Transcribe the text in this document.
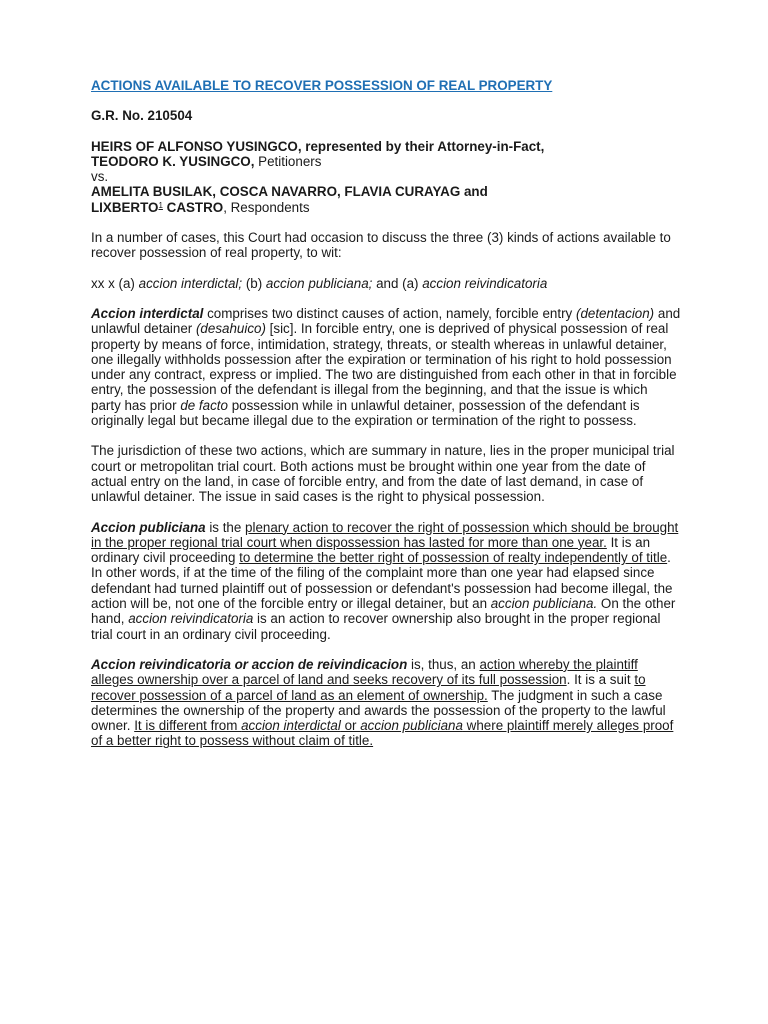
ACTIONS AVAILABLE TO RECOVER POSSESSION OF REAL PROPERTY

G.R. No. 210504

HEIRS OF ALFONSO YUSINGCO, represented by their Attorney-in-Fact,
TEODORO K. YUSINGCO, Petitioners
vs.
AMELITA BUSILAK, COSCA NAVARRO, FLAVIA CURAYAG and
LIXBERTO$^1$ CASTRO, Respondents

In a number of cases, this Court had occasion to discuss the three (3) kinds of actions available to recover possession of real property, to wit:

xx x (a) accion interdictal; (b) accion publiciana; and (a) accion reivindicatoria

Accion interdictal comprises two distinct causes of action, namely, forcible entry (detentacion) and unlawful detainer (desahuico) [sic]. In forcible entry, one is deprived of physical possession of real property by means of force, intimidation, strategy, threats, or stealth whereas in unlawful detainer, one illegally withholds possession after the expiration or termination of his right to hold possession under any contract, express or implied. The two are distinguished from each other in that in forcible entry, the possession of the defendant is illegal from the beginning, and that the issue is which party has prior de facto possession while in unlawful detainer, possession of the defendant is originally legal but became illegal due to the expiration or termination of the right to possess.

The jurisdiction of these two actions, which are summary in nature, lies in the proper municipal trial court or metropolitan trial court. Both actions must be brought within one year from the date of actual entry on the land, in case of forcible entry, and from the date of last demand, in case of unlawful detainer. The issue in said cases is the right to physical possession.

Accion publiciana is the plenary action to recover the right of possession which should be brought in the proper regional trial court when dispossession has lasted for more than one year. It is an ordinary civil proceeding to determine the better right of possession of realty independently of title. In other words, if at the time of the filing of the complaint more than one year had elapsed since defendant had turned plaintiff out of possession or defendant's possession had become illegal, the action will be, not one of the forcible entry or illegal detainer, but an accion publiciana. On the other hand, accion reivindicatoria is an action to recover ownership also brought in the proper regional trial court in an ordinary civil proceeding.

Accion reivindicatoria or accion de reivindicacion is, thus, an action whereby the plaintiff alleges ownership over a parcel of land and seeks recovery of its full possession. It is a suit to recover possession of a parcel of land as an element of ownership. The judgment in such a case determines the ownership of the property and awards the possession of the property to the lawful owner. It is different from accion interdictal or accion publiciana where plaintiff merely alleges proof of a better right to possess without claim of title.
